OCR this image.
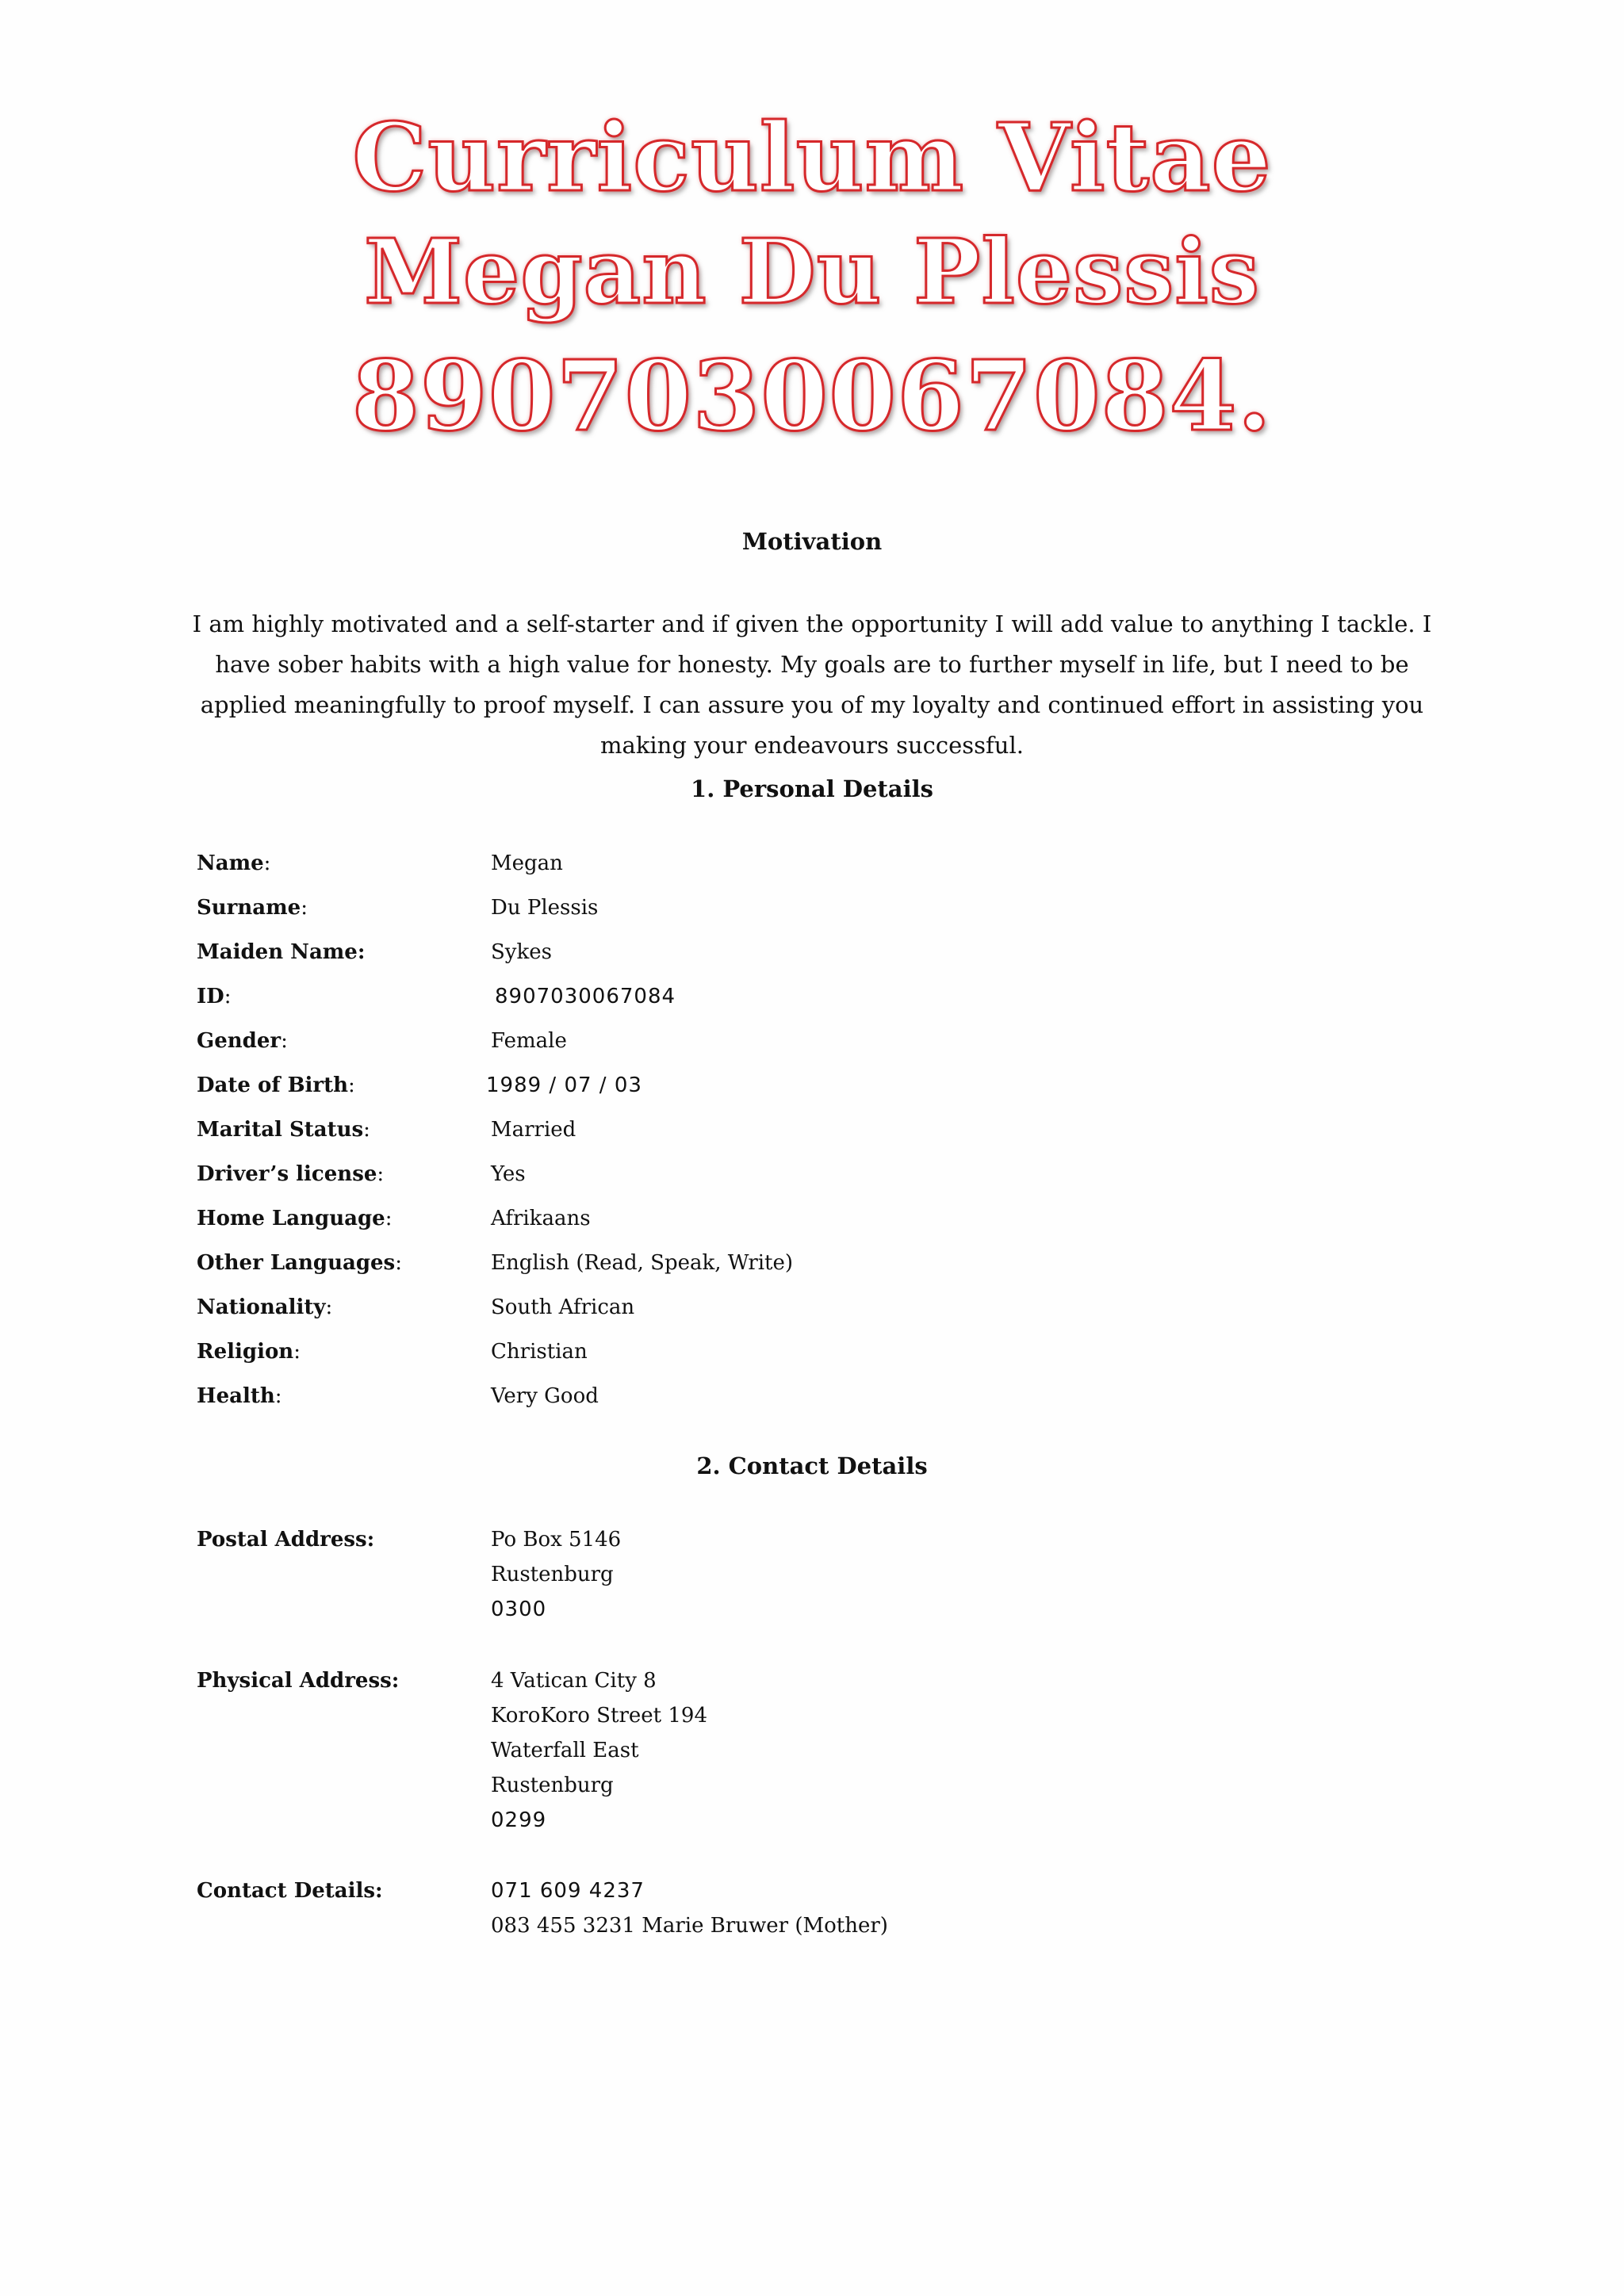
Curriculum Vitae
Megan Du Plessis
8907030067084.
Motivation
I am highly motivated and a self-starter and if given the opportunity I will add value to anything I tackle. I have sober habits with a high value for honesty. My goals are to further myself in life, but I need to be applied meaningfully to proof myself. I can assure you of my loyalty and continued effort in assisting you making your endeavours successful.
1. Personal Details
Name:	Megan
Surname:	Du Plessis
Maiden Name:	Sykes
ID:	8907030067084
Gender:	Female
Date of Birth:	1989 / 07 / 03
Marital Status:	Married
Driver’s license:	Yes
Home Language:	Afrikaans
Other Languages:	English (Read, Speak, Write)
Nationality:	South African
Religion:	Christian
Health:	Very Good
2. Contact Details
Postal Address:	Po Box 5146
Rustenburg
0300
Physical Address:	4 Vatican City 8
KoroKoro Street 194
Waterfall East
Rustenburg
0299
Contact Details:	071 609 4237
083 455 3231 Marie Bruwer (Mother)
